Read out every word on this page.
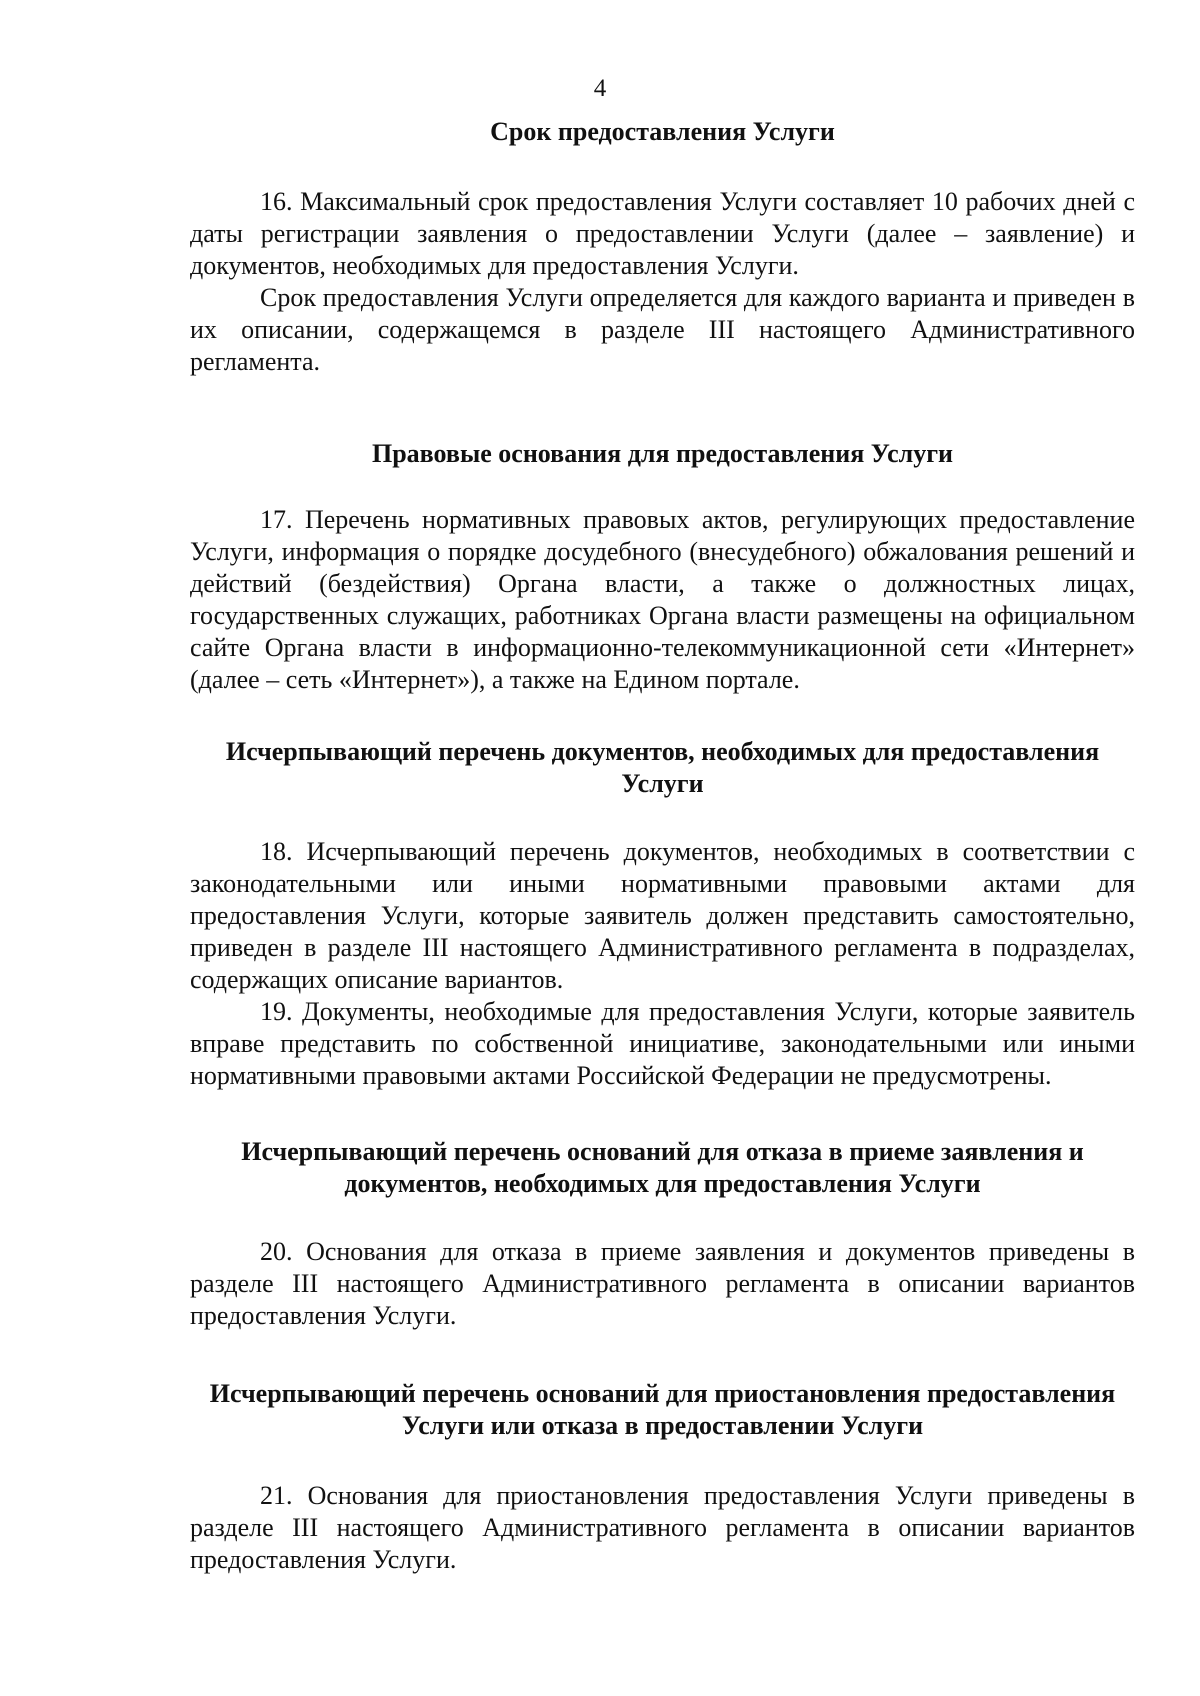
4

Срок предоставления Услуги

16. Максимальный срок предоставления Услуги составляет 10 рабочих дней с даты регистрации заявления о предоставлении Услуги (далее – заявление) и документов, необходимых для предоставления Услуги.

Срок предоставления Услуги определяется для каждого варианта и приведен в их описании, содержащемся в разделе III настоящего Административного регламента.

Правовые основания для предоставления Услуги

17. Перечень нормативных правовых актов, регулирующих предоставление Услуги, информация о порядке досудебного (внесудебного) обжалования решений и действий (бездействия) Органа власти, а также о должностных лицах, государственных служащих, работниках Органа власти размещены на официальном сайте Органа власти в информационно-телекоммуникационной сети «Интернет» (далее – сеть «Интернет»), а также на Едином портале.

Исчерпывающий перечень документов, необходимых для предоставления Услуги

18. Исчерпывающий перечень документов, необходимых в соответствии с законодательными или иными нормативными правовыми актами для предоставления Услуги, которые заявитель должен представить самостоятельно, приведен в разделе III настоящего Административного регламента в подразделах, содержащих описание вариантов.

19. Документы, необходимые для предоставления Услуги, которые заявитель вправе представить по собственной инициативе, законодательными или иными нормативными правовыми актами Российской Федерации не предусмотрены.

Исчерпывающий перечень оснований для отказа в приеме заявления и документов, необходимых для предоставления Услуги

20. Основания для отказа в приеме заявления и документов приведены в разделе III настоящего Административного регламента в описании вариантов предоставления Услуги.

Исчерпывающий перечень оснований для приостановления предоставления Услуги или отказа в предоставлении Услуги

21. Основания для приостановления предоставления Услуги приведены в разделе III настоящего Административного регламента в описании вариантов предоставления Услуги.
